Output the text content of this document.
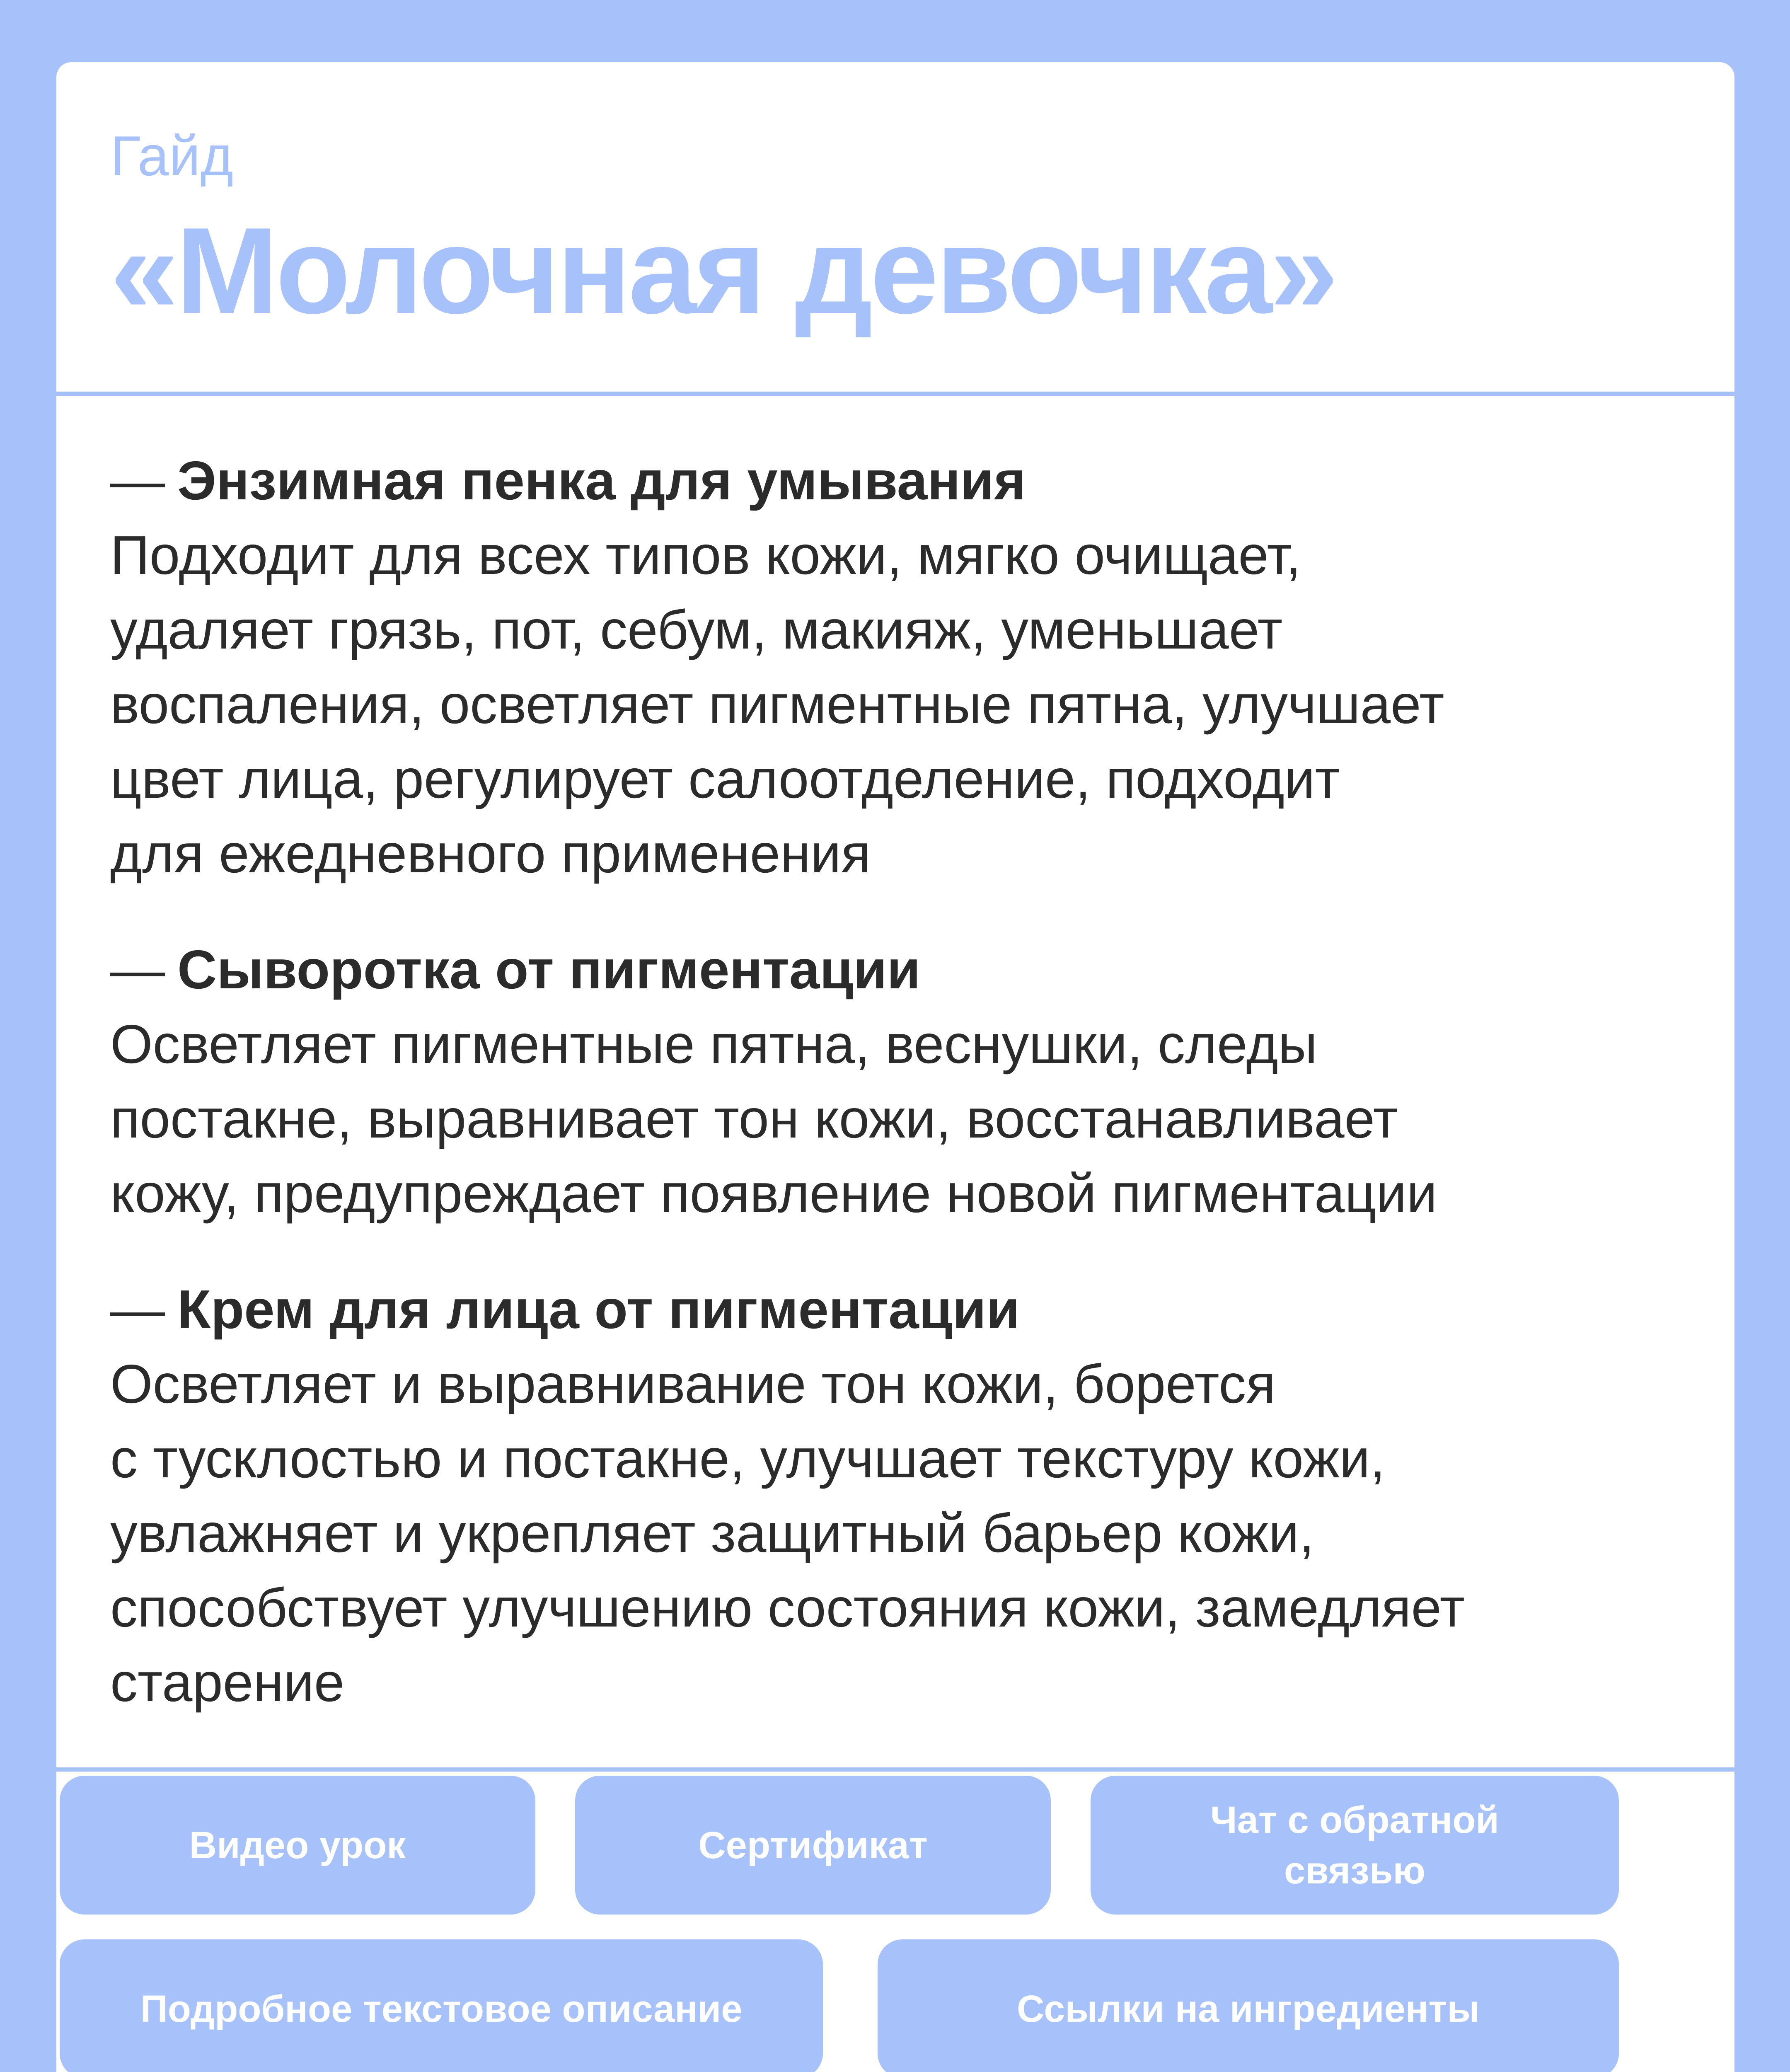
Гайд
«Молочная девочка»
— Энзимная пенка для умывания
Подходит для всех типов кожи, мягко очищает,
удаляет грязь, пот, себум, макияж, уменьшает
воспаления, осветляет пигментные пятна, улучшает
цвет лица, регулирует салоотделение, подходит
для ежедневного применения
— Сыворотка от пигментации
Осветляет пигментные пятна, веснушки, следы
постакне, выравнивает тон кожи, восстанавливает
кожу, предупреждает появление новой пигментации
— Крем для лица от пигментации
Осветляет и выравнивание тон кожи, борется
с тусклостью и постакне, улучшает текстуру кожи,
увлажняет и укрепляет защитный барьер кожи,
способствует улучшению состояния кожи, замедляет
старение
Видео урок	Сертификат
Чат с обратной
связью
Подробное текстовое описание	Ссылки на ингредиенты
